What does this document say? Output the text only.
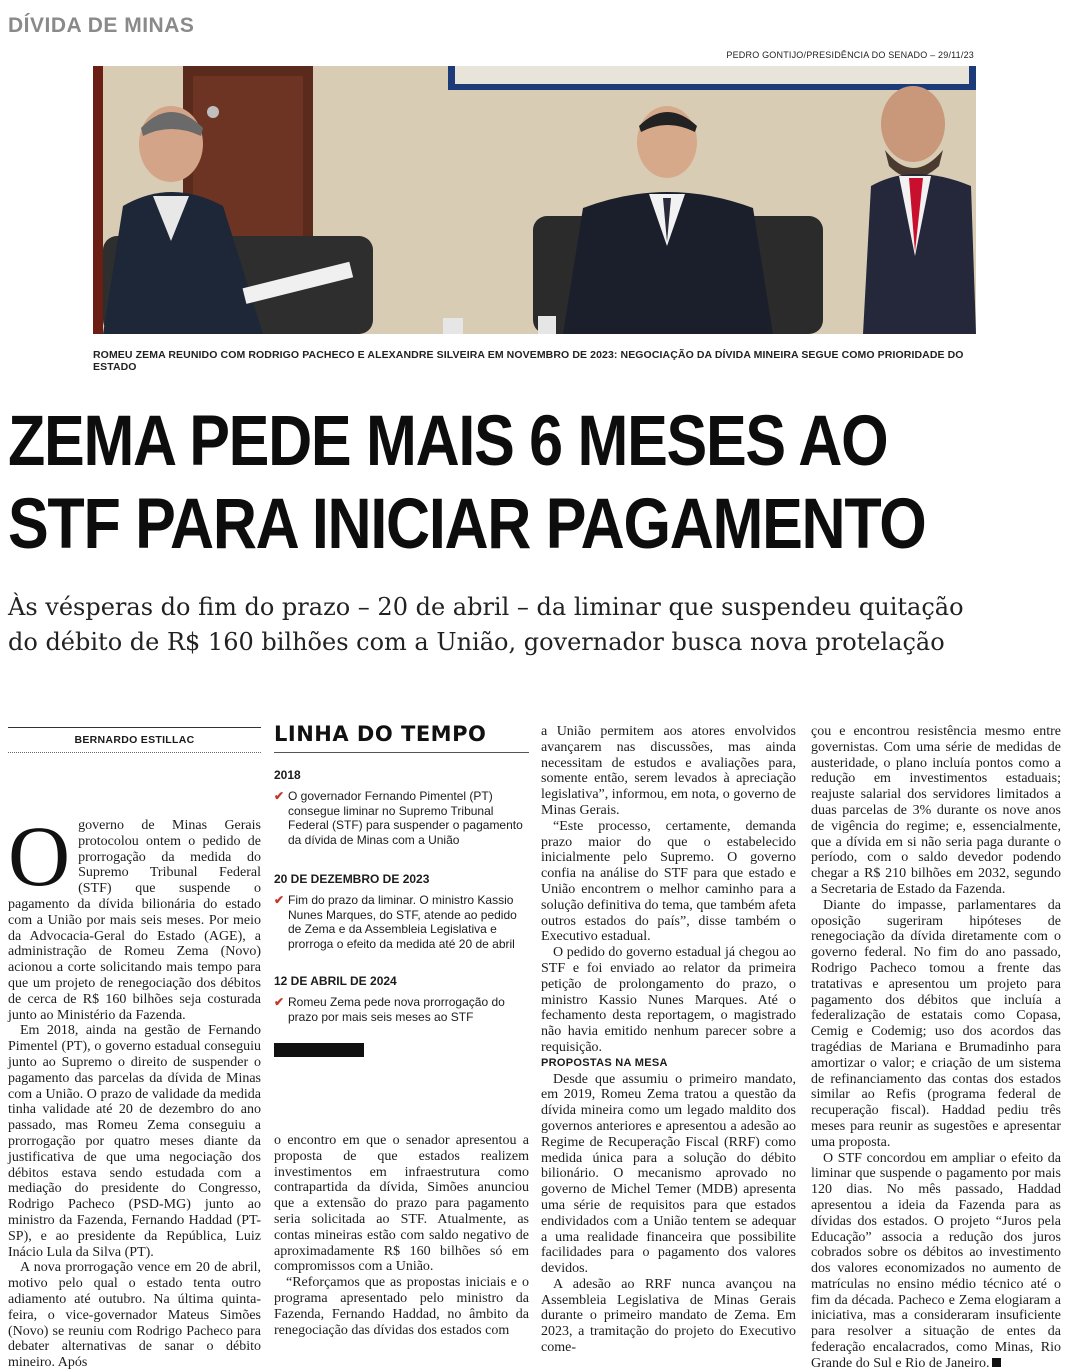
DÍVIDA DE MINAS
PEDRO GONTIJO/PRESIDÊNCIA DO SENADO – 29/11/23
ROMEU ZEMA REUNIDO COM RODRIGO PACHECO E ALEXANDRE SILVEIRA EM NOVEMBRO DE 2023: NEGOCIAÇÃO DA DÍVIDA MINEIRA SEGUE COMO PRIORIDADE DO ESTADO
ZEMA PEDE MAIS 6 MESES AO
STF PARA INICIAR PAGAMENTO
Às vésperas do fim do prazo – 20 de abril – da liminar que suspendeu quitação
do débito de R$ 160 bilhões com a União, governador busca nova protelação
BERNARDO ESTILLAC

Ogoverno de Minas Gerais protocolou ontem o pedido de prorrogação da medida do Supremo Tribunal Federal (STF) que suspende o pagamento da dívida bilionária do estado com a União por mais seis meses. Por meio da Advocacia-Geral do Estado (AGE), a administração de Romeu Zema (Novo) acionou a corte solicitando mais tempo para que um projeto de renegociação dos débitos de cerca de R$ 160 bilhões seja costurada junto ao Ministério da Fazenda.

Em 2018, ainda na gestão de Fernando Pimentel (PT), o governo estadual conseguiu junto ao Supremo o direito de suspender o pagamento das parcelas da dívida de Minas com a União. O prazo de validade da medida tinha validade até 20 de dezembro do ano passado, mas Romeu Zema conseguiu a prorrogação por quatro meses diante da justificativa de que uma negociação dos débitos estava sendo estudada com a mediação do presidente do Congresso, Rodrigo Pacheco (PSD-MG) junto ao ministro da Fazenda, Fernando Haddad (PT-SP), e ao presidente da República, Luiz Inácio Lula da Silva (PT).

A nova prorrogação vence em 20 de abril, motivo pelo qual o estado tenta outro adiamento até outubro. Na última quinta-feira, o vice-governador Mateus Simões (Novo) se reuniu com Rodrigo Pacheco para debater alternativas de sanar o débito mineiro. Após

LINHA DO TEMPO
2018
✔ O governador Fernando Pimentel (PT) consegue liminar no Supremo Tribunal Federal (STF) para suspender o pagamento da dívida de Minas com a União
20 DE DEZEMBRO DE 2023
✔ Fim do prazo da liminar. O ministro Kassio Nunes Marques, do STF, atende ao pedido de Zema e da Assembleia Legislativa e prorroga o efeito da medida até 20 de abril
12 DE ABRIL DE 2024
✔ Romeu Zema pede nova prorrogação do prazo por mais seis meses ao STF

o encontro em que o senador apresentou a proposta de que estados realizem investimentos em infraestrutura como contrapartida da dívida, Simões anunciou que a extensão do prazo para pagamento seria solicitada ao STF. Atualmente, as contas mineiras estão com saldo negativo de aproximadamente R$ 160 bilhões só em compromissos com a União.

“Reforçamos que as propostas iniciais e o programa apresentado pelo ministro da Fazenda, Fernando Haddad, no âmbito da renegociação das dívidas dos estados com

a União permitem aos atores envolvidos avançarem nas discussões, mas ainda necessitam de estudos e avaliações para, somente então, serem levados à apreciação legislativa”, informou, em nota, o governo de Minas Gerais.

“Este processo, certamente, demanda prazo maior do que o estabelecido inicialmente pelo Supremo. O governo confia na análise do STF para que estado e União encontrem o melhor caminho para a solução definitiva do tema, que também afeta outros estados do país”, disse também o Executivo estadual.

O pedido do governo estadual já chegou ao STF e foi enviado ao relator da primeira petição de prolongamento do prazo, o ministro Kassio Nunes Marques. Até o fechamento desta reportagem, o magistrado não havia emitido nenhum parecer sobre a requisição.

PROPOSTAS NA MESA

Desde que assumiu o primeiro mandato, em 2019, Romeu Zema tratou a questão da dívida mineira como um legado maldito dos governos anteriores e apresentou a adesão ao Regime de Recuperação Fiscal (RRF) como medida única para a solução do débito bilionário. O mecanismo aprovado no governo de Michel Temer (MDB) apresenta uma série de requisitos para que estados endividados com a União tentem se adequar a uma realidade financeira que possibilite facilidades para o pagamento dos valores devidos.

A adesão ao RRF nunca avançou na Assembleia Legislativa de Minas Gerais durante o primeiro mandato de Zema. Em 2023, a tramitação do projeto do Executivo come-

çou e encontrou resistência mesmo entre governistas. Com uma série de medidas de austeridade, o plano incluía pontos como a redução em investimentos estaduais; reajuste salarial dos servidores limitados a duas parcelas de 3% durante os nove anos de vigência do regime; e, essencialmente, que a dívida em si não seria paga durante o período, com o saldo devedor podendo chegar a R$ 210 bilhões em 2032, segundo a Secretaria de Estado da Fazenda.

Diante do impasse, parlamentares da oposição sugeriram hipóteses de renegociação da dívida diretamente com o governo federal. No fim do ano passado, Rodrigo Pacheco tomou a frente das tratativas e apresentou um projeto para pagamento dos débitos que incluía a federalização de estatais como Copasa, Cemig e Codemig; uso dos acordos das tragédias de Mariana e Brumadinho para amortizar o valor; e criação de um sistema de refinanciamento das contas dos estados similar ao Refis (programa federal de recuperação fiscal). Haddad pediu três meses para reunir as sugestões e apresentar uma proposta.

O STF concordou em ampliar o efeito da liminar que suspende o pagamento por mais 120 dias. No mês passado, Haddad apresentou a ideia da Fazenda para as dívidas dos estados. O projeto “Juros pela Educação” associa a redução dos juros cobrados sobre os débitos ao investimento dos valores economizados no aumento de matrículas no ensino médio técnico até o fim da década. Pacheco e Zema elogiaram a iniciativa, mas a consideraram insuficiente para resolver a situação de entes da federação encalacrados, como Minas, Rio Grande do Sul e Rio de Janeiro.
